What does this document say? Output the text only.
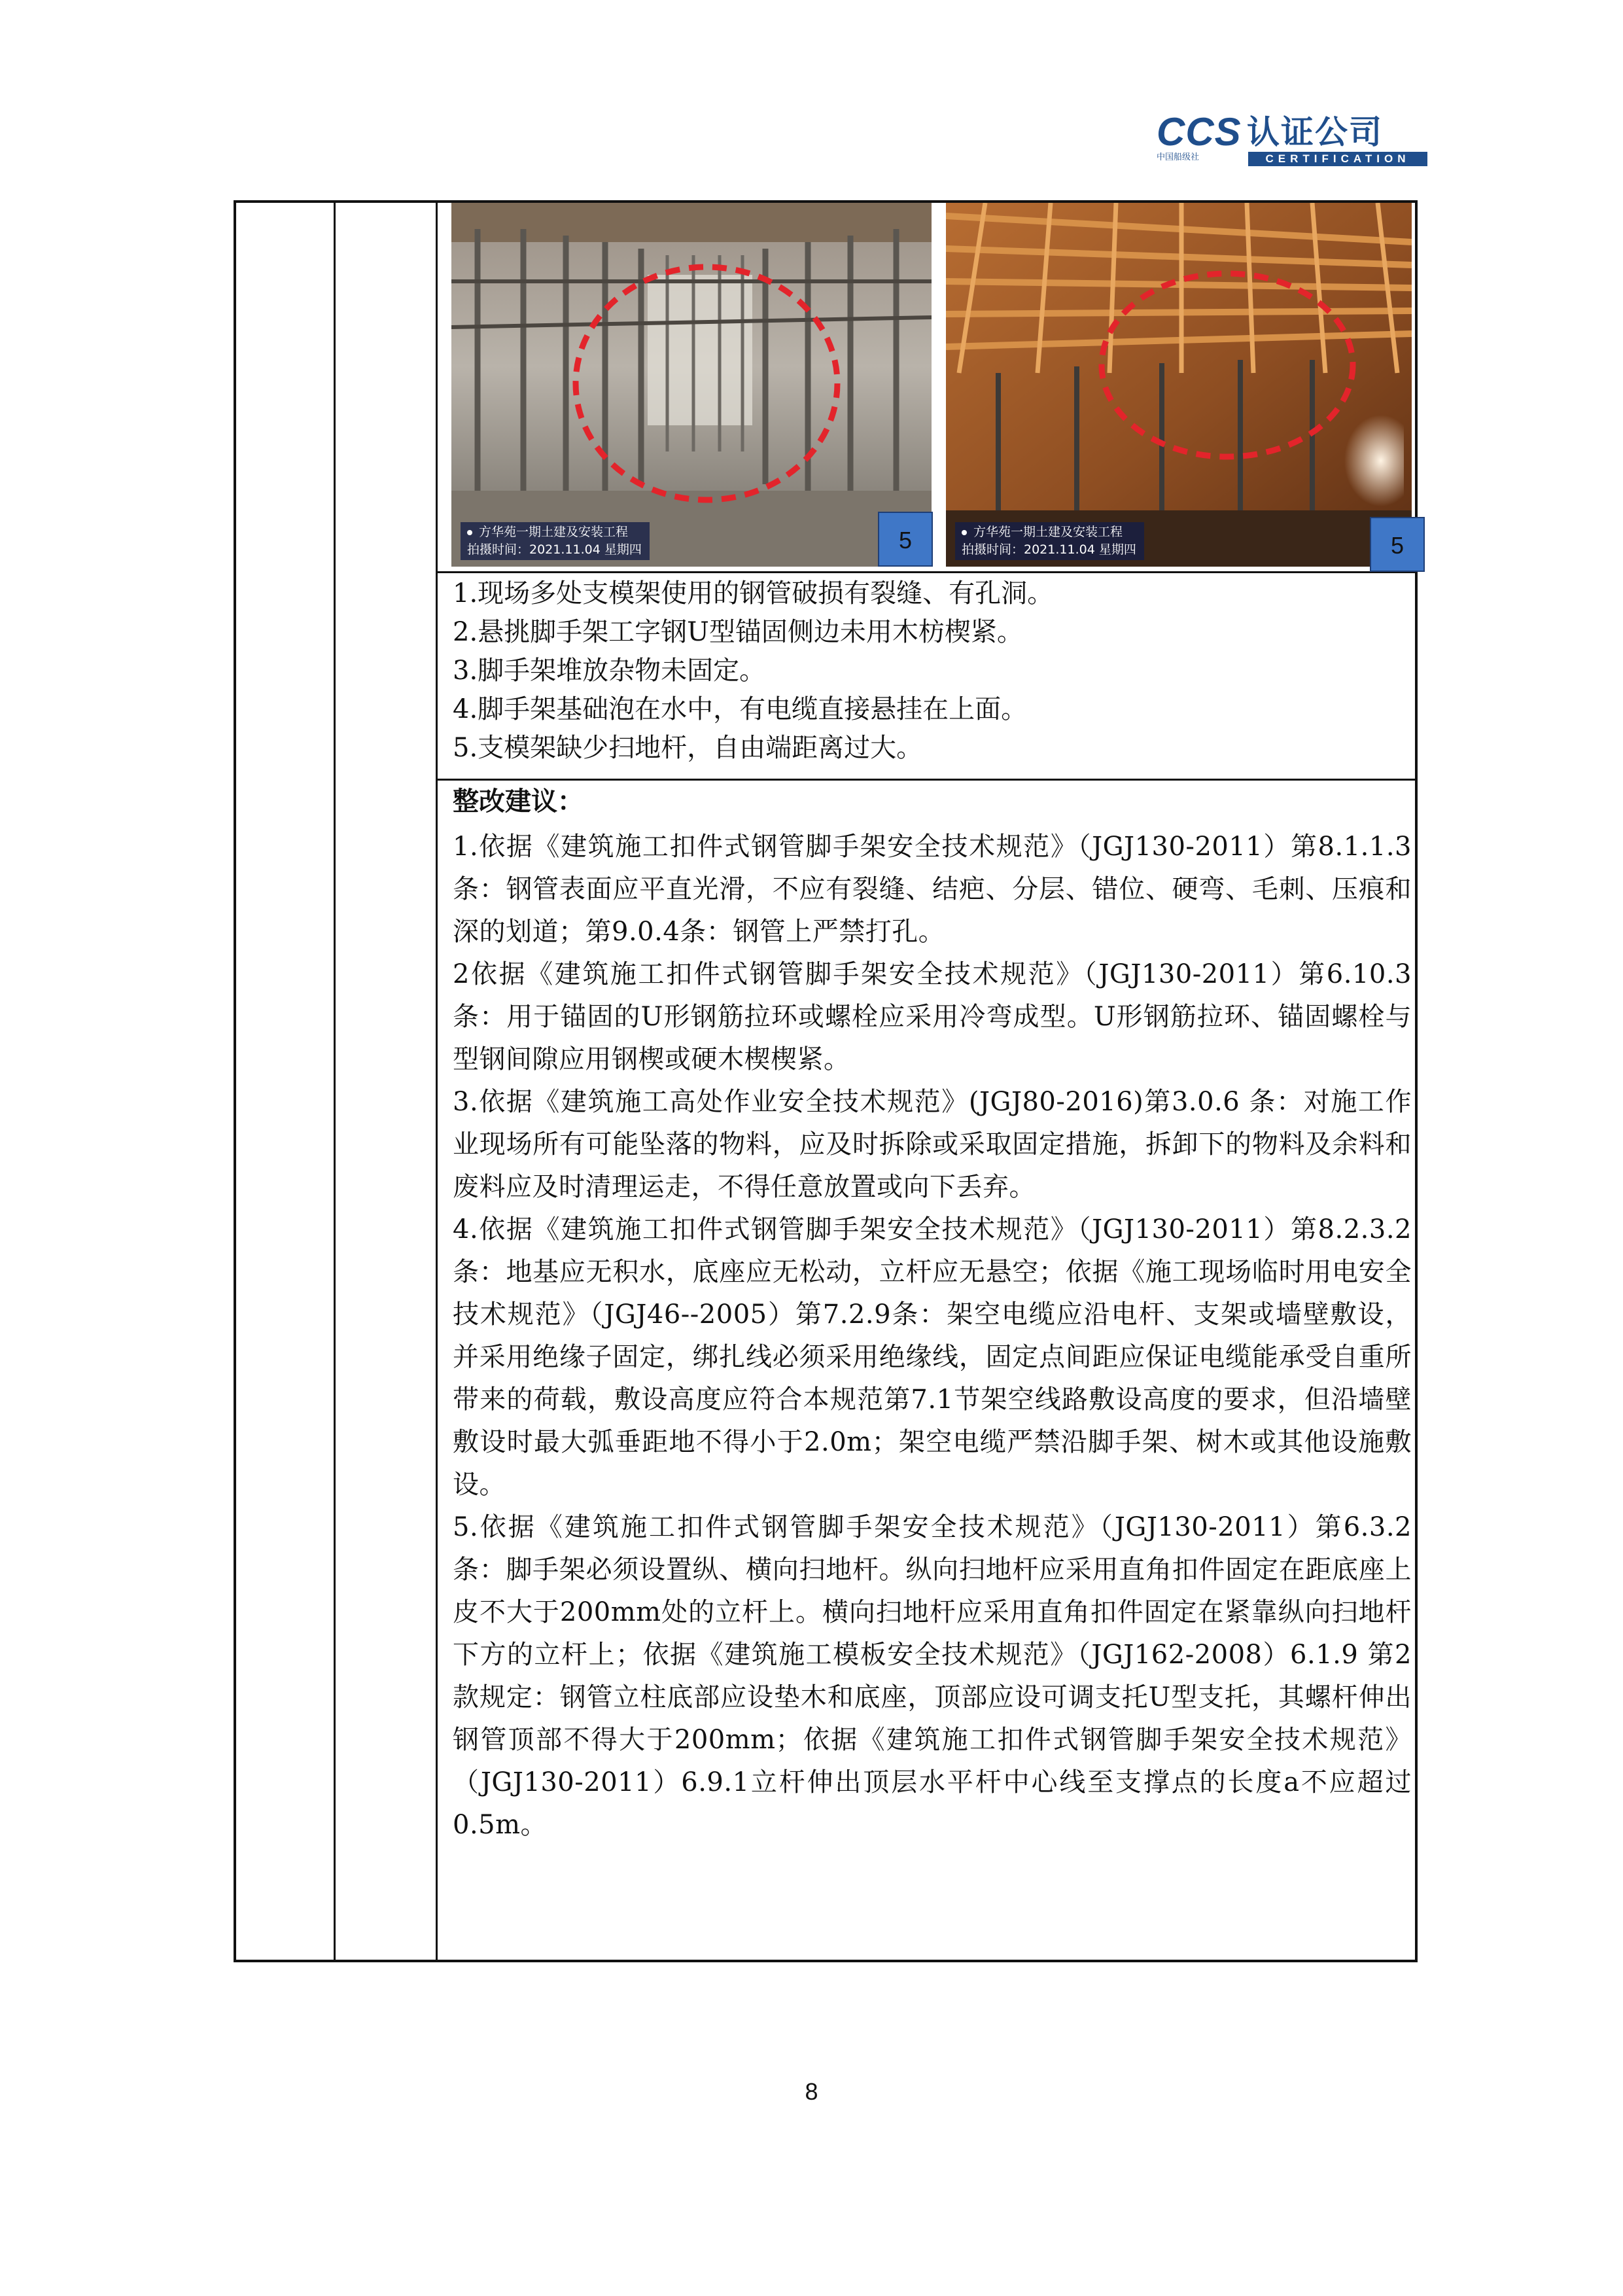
CCS 认证公司
中国船级社	CERTIFICATION
方华苑一期土建及安装工程
拍摄时间：2021.11.04 星期四	5	方华苑一期土建及安装工程
拍摄时间：2021.11.04 星期四	5
1.现场多处支模架使用的钢管破损有裂缝、有孔洞。
2.悬挑脚手架工字钢U型锚固侧边未用木枋楔紧。
3.脚手架堆放杂物未固定。
4.脚手架基础泡在水中，有电缆直接悬挂在上面。
5.支模架缺少扫地杆，自由端距离过大。
整改建议：

1.依据《建筑施工扣件式钢管脚手架安全技术规范》（JGJ130-2011）第8.1.1.3条：钢管表面应平直光滑，不应有裂缝、结疤、分层、错位、硬弯、毛刺、压痕和深的划道；第9.0.4条：钢管上严禁打孔。

2依据《建筑施工扣件式钢管脚手架安全技术规范》（JGJ130-2011）第6.10.3条：用于锚固的U形钢筋拉环或螺栓应采用冷弯成型。U形钢筋拉环、锚固螺栓与型钢间隙应用钢楔或硬木楔楔紧。

3.依据《建筑施工高处作业安全技术规范》(JGJ80-2016)第3.0.6 条：对施工作业现场所有可能坠落的物料，应及时拆除或采取固定措施，拆卸下的物料及余料和废料应及时清理运走，不得任意放置或向下丢弃。

4.依据《建筑施工扣件式钢管脚手架安全技术规范》（JGJ130-2011）第8.2.3.2条：地基应无积水，底座应无松动，立杆应无悬空；依据《施工现场临时用电安全技术规范》（JGJ46--2005）第7.2.9条：架空电缆应沿电杆、支架或墙壁敷设，并采用绝缘子固定，绑扎线必须采用绝缘线，固定点间距应保证电缆能承受自重所带来的荷载，敷设高度应符合本规范第7.1节架空线路敷设高度的要求，但沿墙壁敷设时最大弧垂距地不得小于2.0m；架空电缆严禁沿脚手架、树木或其他设施敷设。

5.依据《建筑施工扣件式钢管脚手架安全技术规范》（JGJ130-2011）第6.3.2条：脚手架必须设置纵、横向扫地杆。纵向扫地杆应采用直角扣件固定在距底座上皮不大于200mm处的立杆上。横向扫地杆应采用直角扣件固定在紧靠纵向扫地杆下方的立杆上；依据《建筑施工模板安全技术规范》（JGJ162-2008）6.1.9 第2款规定：钢管立柱底部应设垫木和底座，顶部应设可调支托U型支托，其螺杆伸出钢管顶部不得大于200mm；依据《建筑施工扣件式钢管脚手架安全技术规范》（JGJ130-2011）6.9.1立杆伸出顶层水平杆中心线至支撑点的长度a不应超过0.5m。

8
